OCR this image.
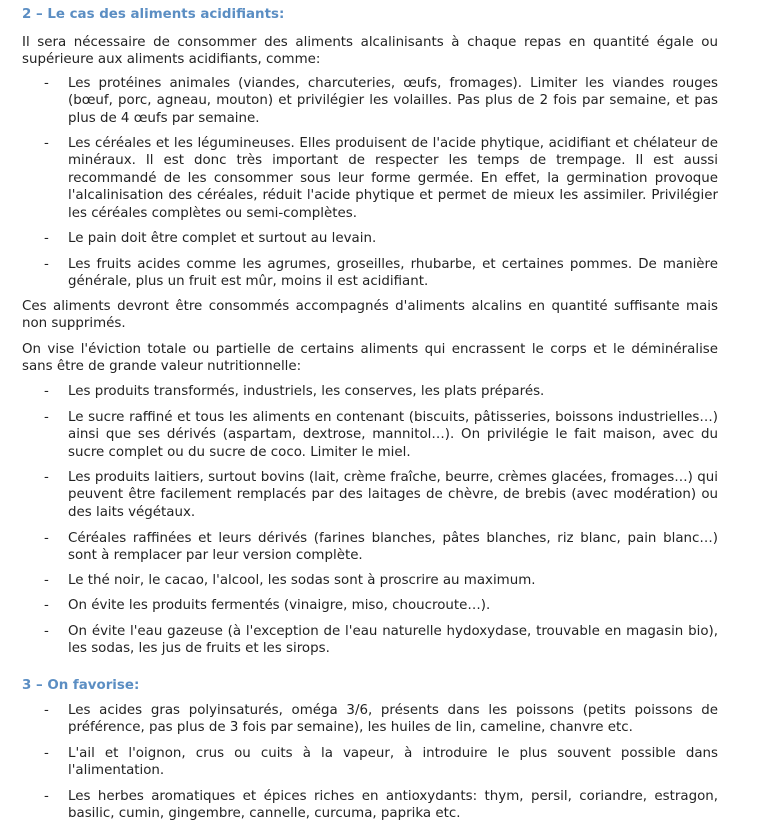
2 – Le cas des aliments acidifiants:
Il sera nécessaire de consommer des aliments alcalinisants à chaque repas en quantité égale ou supérieure aux aliments acidifiants, comme:
- Les protéines animales (viandes, charcuteries, œufs, fromages). Limiter les viandes rouges (bœuf, porc, agneau, mouton) et privilégier les volailles. Pas plus de 2 fois par semaine, et pas plus de 4 œufs par semaine.
- Les céréales et les légumineuses. Elles produisent de l'acide phytique, acidifiant et chélateur de minéraux. Il est donc très important de respecter les temps de trempage. Il est aussi recommandé de les consommer sous leur forme germée. En effet, la germination provoque l'alcalinisation des céréales, réduit l'acide phytique et permet de mieux les assimiler. Privilégier les céréales complètes ou semi-complètes.
- Le pain doit être complet et surtout au levain.
- Les fruits acides comme les agrumes, groseilles, rhubarbe, et certaines pommes. De manière générale, plus un fruit est mûr, moins il est acidifiant.
Ces aliments devront être consommés accompagnés d'aliments alcalins en quantité suffisante mais non supprimés.
On vise l'éviction totale ou partielle de certains aliments qui encrassent le corps et le déminéralise sans être de grande valeur nutritionnelle:
- Les produits transformés, industriels, les conserves, les plats préparés.
- Le sucre raffiné et tous les aliments en contenant (biscuits, pâtisseries, boissons industrielles…) ainsi que ses dérivés (aspartam, dextrose, mannitol…). On privilégie le fait maison, avec du sucre complet ou du sucre de coco. Limiter le miel.
- Les produits laitiers, surtout bovins (lait, crème fraîche, beurre, crèmes glacées, fromages…) qui peuvent être facilement remplacés par des laitages de chèvre, de brebis (avec modération) ou des laits végétaux.
- Céréales raffinées et leurs dérivés (farines blanches, pâtes blanches, riz blanc, pain blanc…) sont à remplacer par leur version complète.
- Le thé noir, le cacao, l'alcool, les sodas sont à proscrire au maximum.
- On évite les produits fermentés (vinaigre, miso, choucroute…).
- On évite l'eau gazeuse (à l'exception de l'eau naturelle hydoxydase, trouvable en magasin bio), les sodas, les jus de fruits et les sirops.
3 – On favorise:
- Les acides gras polyinsaturés, oméga 3/6, présents dans les poissons (petits poissons de préférence, pas plus de 3 fois par semaine), les huiles de lin, cameline, chanvre etc.
- L'ail et l'oignon, crus ou cuits à la vapeur, à introduire le plus souvent possible dans l'alimentation.
- Les herbes aromatiques et épices riches en antioxydants: thym, persil, coriandre, estragon, basilic, cumin, gingembre, cannelle, curcuma, paprika etc.
